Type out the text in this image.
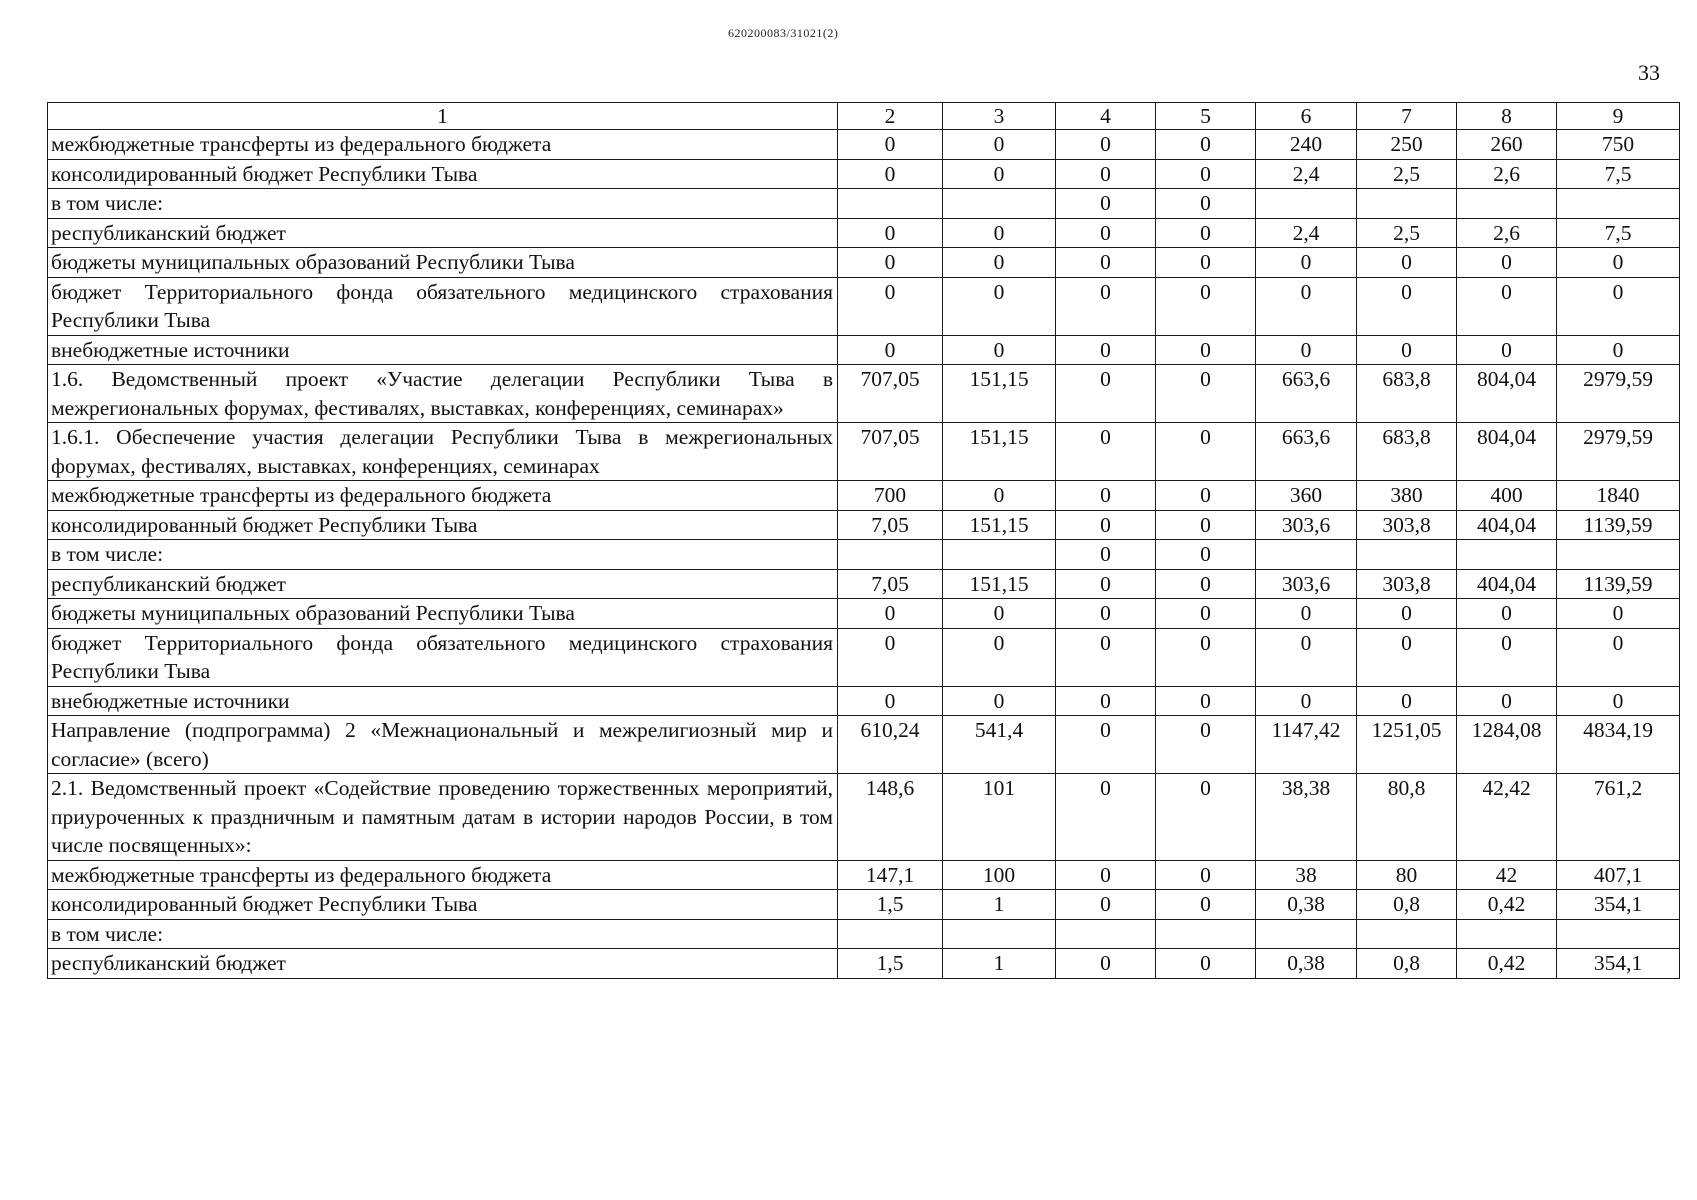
620200083/31021(2)
33
1	2	3	4	5	6	7	8	9
межбюджетные трансферты из федерального бюджета	0	0	0	0	240	250	260	750
консолидированный бюджет Республики Тыва	0	0	0	0	2,4	2,5	2,6	7,5
в том числе:			0	0				
республиканский бюджет	0	0	0	0	2,4	2,5	2,6	7,5
бюджеты муниципальных образований Республики Тыва	0	0	0	0	0	0	0	0
бюджет Территориального фонда обязательного медицинского страхования Республики Тыва	0	0	0	0	0	0	0	0
внебюджетные источники	0	0	0	0	0	0	0	0
1.6. Ведомственный проект «Участие делегации Республики Тыва в межрегиональных форумах, фестивалях, выставках, конференциях, семинарах»	707,05	151,15	0	0	663,6	683,8	804,04	2979,59
1.6.1. Обеспечение участия делегации Республики Тыва в межрегиональных форумах, фестивалях, выставках, конференциях, семинарах	707,05	151,15	0	0	663,6	683,8	804,04	2979,59
межбюджетные трансферты из федерального бюджета	700	0	0	0	360	380	400	1840
консолидированный бюджет Республики Тыва	7,05	151,15	0	0	303,6	303,8	404,04	1139,59
в том числе:			0	0				
республиканский бюджет	7,05	151,15	0	0	303,6	303,8	404,04	1139,59
бюджеты муниципальных образований Республики Тыва	0	0	0	0	0	0	0	0
бюджет Территориального фонда обязательного медицинского страхования Республики Тыва	0	0	0	0	0	0	0	0
внебюджетные источники	0	0	0	0	0	0	0	0
Направление (подпрограмма) 2 «Межнациональный и межрелигиозный мир и согласие» (всего)	610,24	541,4	0	0	1147,42	1251,05	1284,08	4834,19
2.1. Ведомственный проект «Содействие проведению торжественных мероприятий, приуроченных к праздничным и памятным датам в истории народов России, в том числе посвященных»:	148,6	101	0	0	38,38	80,8	42,42	761,2
межбюджетные трансферты из федерального бюджета	147,1	100	0	0	38	80	42	407,1
консолидированный бюджет Республики Тыва	1,5	1	0	0	0,38	0,8	0,42	354,1
в том числе:								
республиканский бюджет	1,5	1	0	0	0,38	0,8	0,42	354,1
